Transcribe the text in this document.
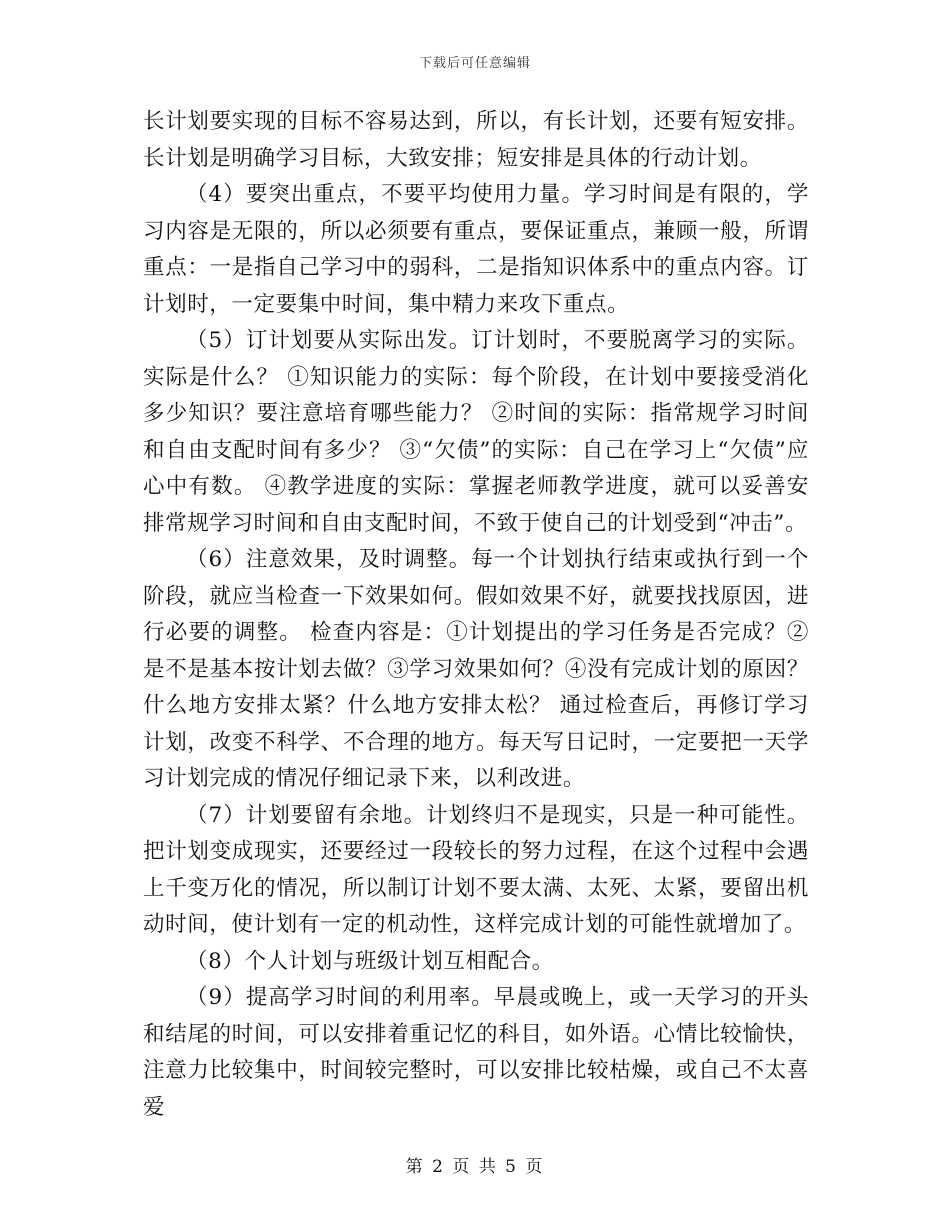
下载后可任意编辑

长计划要实现的目标不容易达到，所以，有长计划，还要有短安排。长计划是明确学习目标，大致安排；短安排是具体的行动计划。

（4）要突出重点，不要平均使用力量。学习时间是有限的，学习内容是无限的，所以必须要有重点，要保证重点，兼顾一般，所谓重点：一是指自己学习中的弱科，二是指知识体系中的重点内容。订计划时，一定要集中时间，集中精力来攻下重点。

（5）订计划要从实际出发。订计划时，不要脱离学习的实际。 实际是什么？ ①知识能力的实际：每个阶段，在计划中要接受消化多少知识？要注意培育哪些能力？ ②时间的实际：指常规学习时间和自由支配时间有多少？ ③“欠债”的实际：自己在学习上“欠债”应心中有数。 ④教学进度的实际：掌握老师教学进度，就可以妥善安排常规学习时间和自由支配时间，不致于使自己的计划受到“冲击”。

（6）注意效果，及时调整。每一个计划执行结束或执行到一个阶段，就应当检查一下效果如何。假如效果不好，就要找找原因，进行必要的调整。 检查内容是：①计划提出的学习任务是否完成？②是不是基本按计划去做？③学习效果如何？④没有完成计划的原因？什么地方安排太紧？什么地方安排太松？ 通过检查后，再修订学习计划，改变不科学、不合理的地方。每天写日记时，一定要把一天学习计划完成的情况仔细记录下来，以利改进。

（7）计划要留有余地。计划终归不是现实，只是一种可能性。把计划变成现实，还要经过一段较长的努力过程，在这个过程中会遇上千变万化的情况，所以制订计划不要太满、太死、太紧，要留出机动时间，使计划有一定的机动性，这样完成计划的可能性就增加了。

（8）个人计划与班级计划互相配合。

（9）提高学习时间的利用率。早晨或晚上，或一天学习的开头和结尾的时间，可以安排着重记忆的科目，如外语。心情比较愉快，注意力比较集中，时间较完整时，可以安排比较枯燥，或自己不太喜爱

第 2 页 共 5 页
